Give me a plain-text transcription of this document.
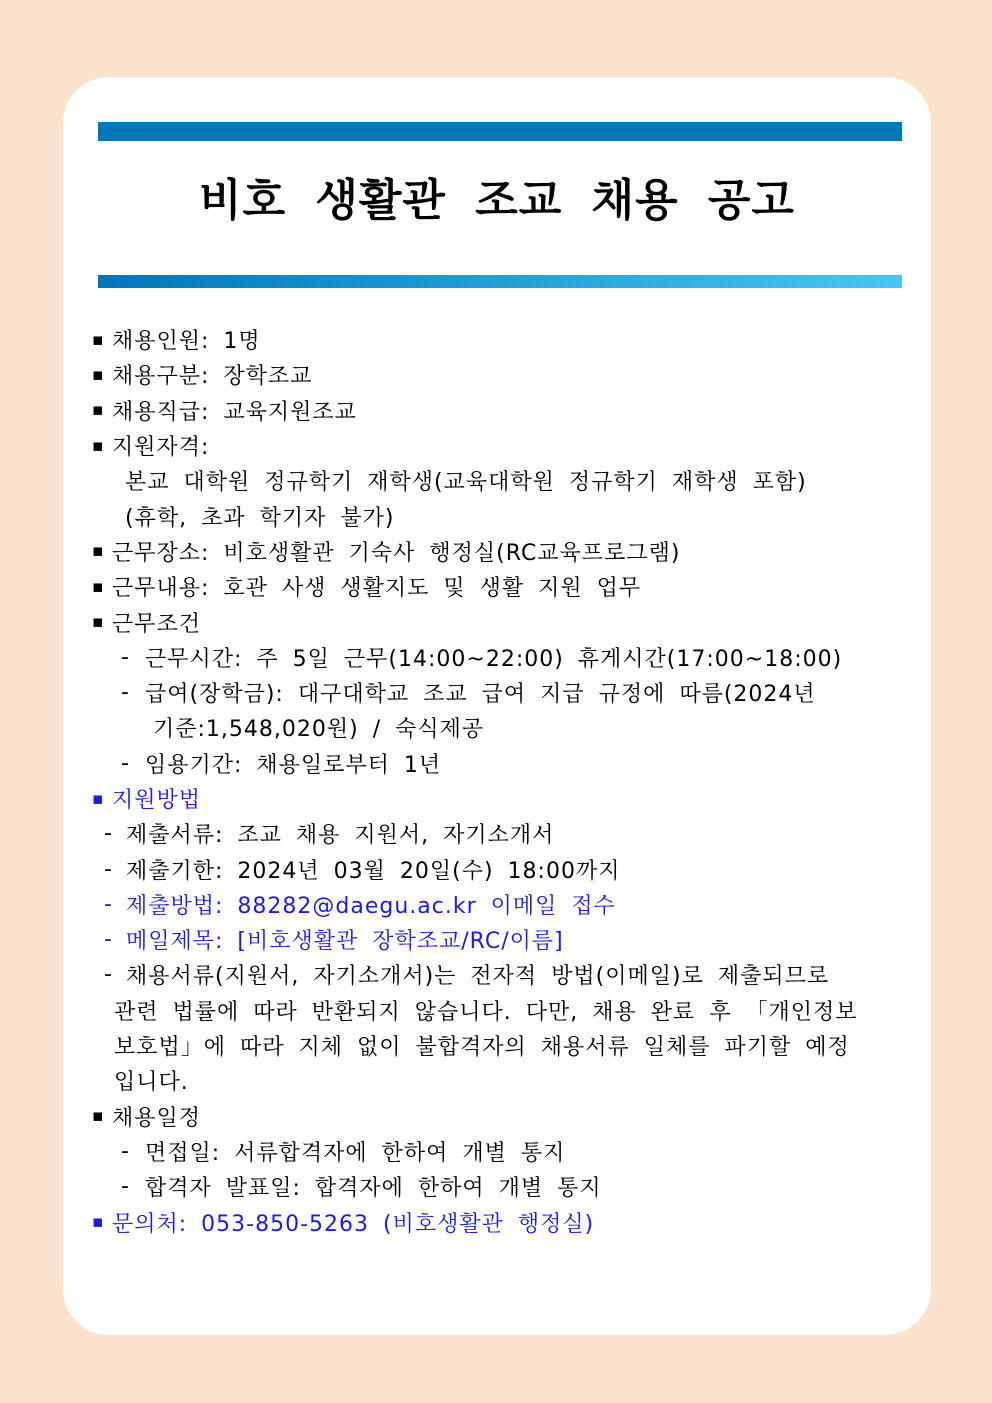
비호 생활관 조교 채용 공고
▪ 채용인원: 1명
▪ 채용구분: 장학조교
▪ 채용직급: 교육지원조교
▪ 지원자격:
본교 대학원 정규학기 재학생(교육대학원 정규학기 재학생 포함)
(휴학, 초과 학기자 불가)
▪ 근무장소: 비호생활관 기숙사 행정실(RC교육프로그램)
▪ 근무내용: 호관 사생 생활지도 및 생활 지원 업무
▪ 근무조건
- 근무시간: 주 5일 근무(14:00~22:00) 휴게시간(17:00~18:00)
- 급여(장학금): 대구대학교 조교 급여 지급 규정에 따름(2024년
기준:1,548,020원) / 숙식제공
- 임용기간: 채용일로부터 1년
▪ 지원방법
- 제출서류: 조교 채용 지원서, 자기소개서
- 제출기한: 2024년 03월 20일(수) 18:00까지
- 제출방법: 88282@daegu.ac.kr 이메일 접수
- 메일제목: [비호생활관 장학조교/RC/이름]
- 채용서류(지원서, 자기소개서)는 전자적 방법(이메일)로 제출되므로
관련 법률에 따라 반환되지 않습니다. 다만, 채용 완료 후 「개인정보
보호법」에 따라 지체 없이 불합격자의 채용서류 일체를 파기할 예정
입니다.
▪ 채용일정
- 면접일: 서류합격자에 한하여 개별 통지
- 합격자 발표일: 합격자에 한하여 개별 통지
▪ 문의처: 053-850-5263 (비호생활관 행정실)
